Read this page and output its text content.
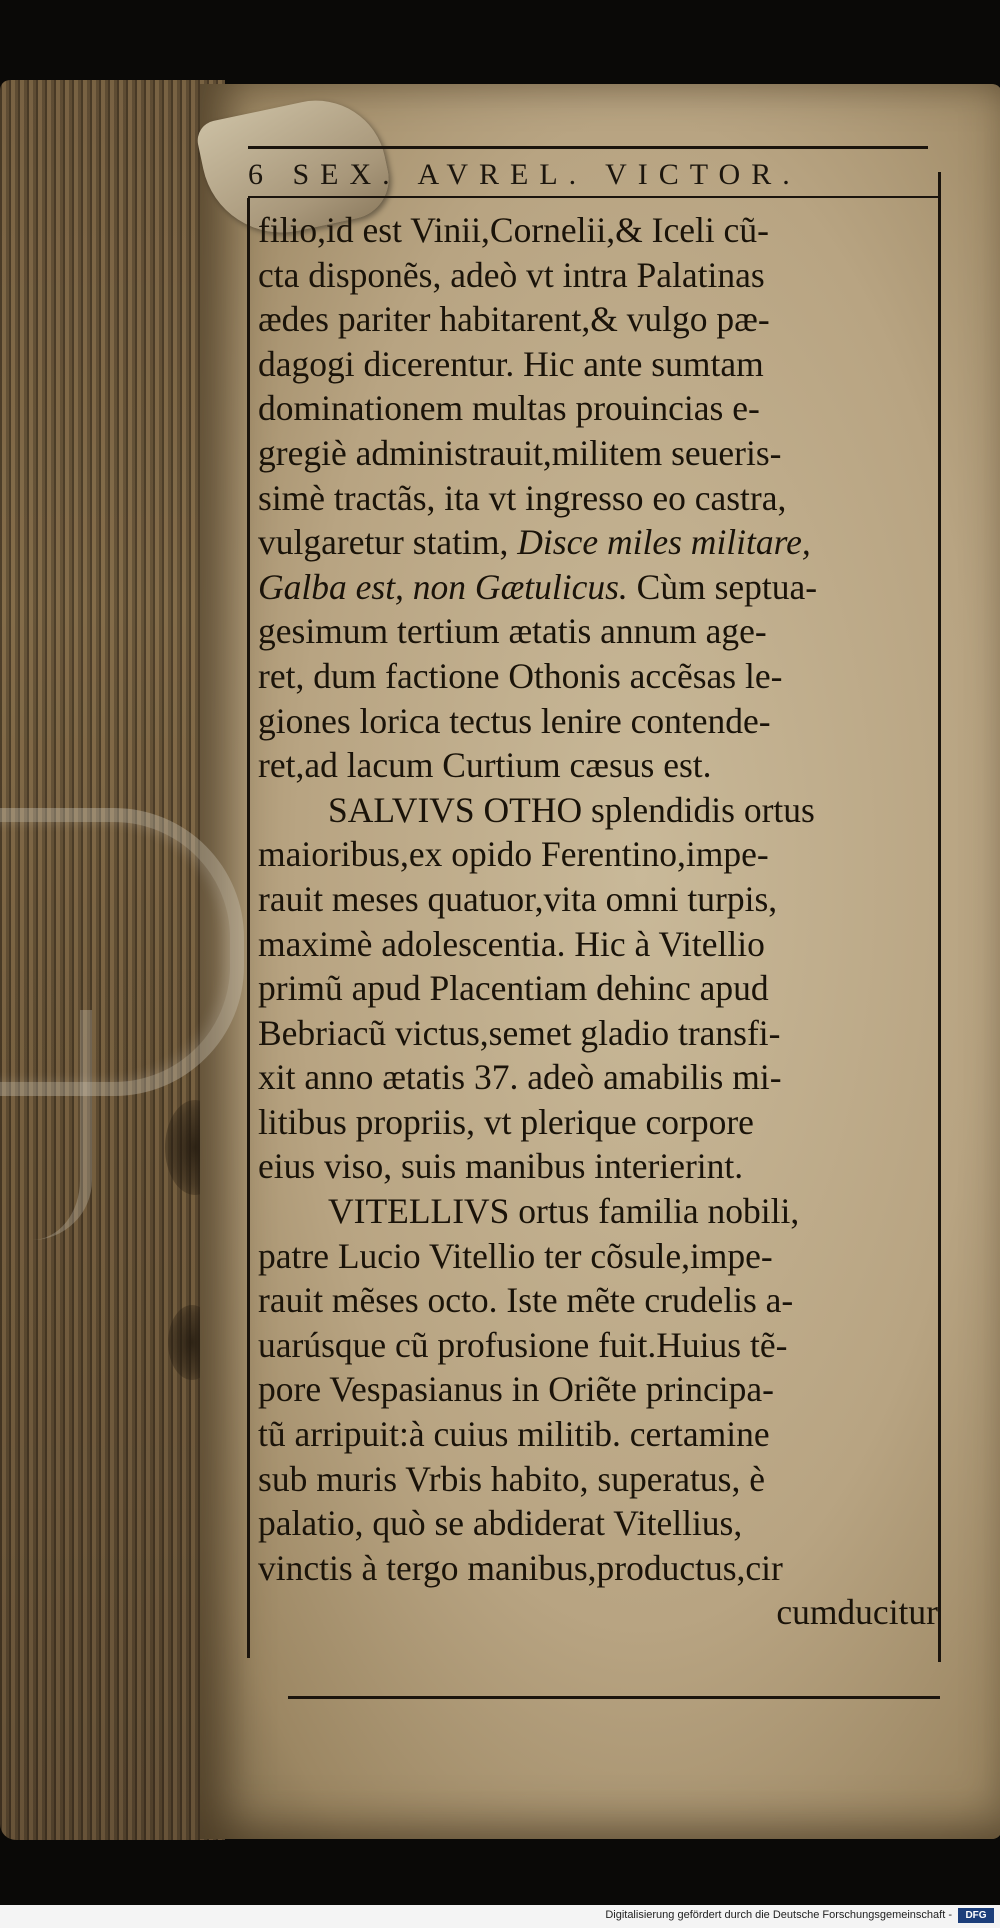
6 SEX. AVREL. VICTOR.
filio,id est Vinii,Cornelii,& Iceli cũ-
cta disponẽs, adeò vt intra Palatinas
ædes pariter habitarent,& vulgo pæ-
dagogi dicerentur. Hic ante sumtam
dominationem multas prouincias e-
gregiè administrauit,militem seueris-
simè tractãs, ita vt ingresso eo castra,
vulgaretur statim, Disce miles militare,
Galba est, non Gætulicus. Cùm septua-
gesimum tertium ætatis annum age-
ret, dum factione Othonis accẽsas le-
giones lorica tectus lenire contende-
ret,ad lacum Curtium cæsus est.
SALVIVS OTHO splendidis ortus
maioribus,ex opido Ferentino,impe-
rauit meses quatuor,vita omni turpis,
maximè adolescentia. Hic à Vitellio
primũ apud Placentiam dehinc apud
Bebriacũ victus,semet gladio transfi-
xit anno ætatis 37. adeò amabilis mi-
litibus propriis, vt plerique corpore
eius viso, suis manibus interierint.
VITELLIVS ortus familia nobili,
patre Lucio Vitellio ter cõsule,impe-
rauit mẽses octo. Iste mẽte crudelis a-
uarúsque cũ profusione fuit.Huius tẽ-
pore Vespasianus in Oriẽte principa-
tũ arripuit:à cuius militib. certamine
sub muris Vrbis habito, superatus, è
palatio, quò se abdiderat Vitellius,
vinctis à tergo manibus,productus,cir
cumducitur
Digitalisierung gefördert durch die Deutsche Forschungsgemeinschaft -	DFG
